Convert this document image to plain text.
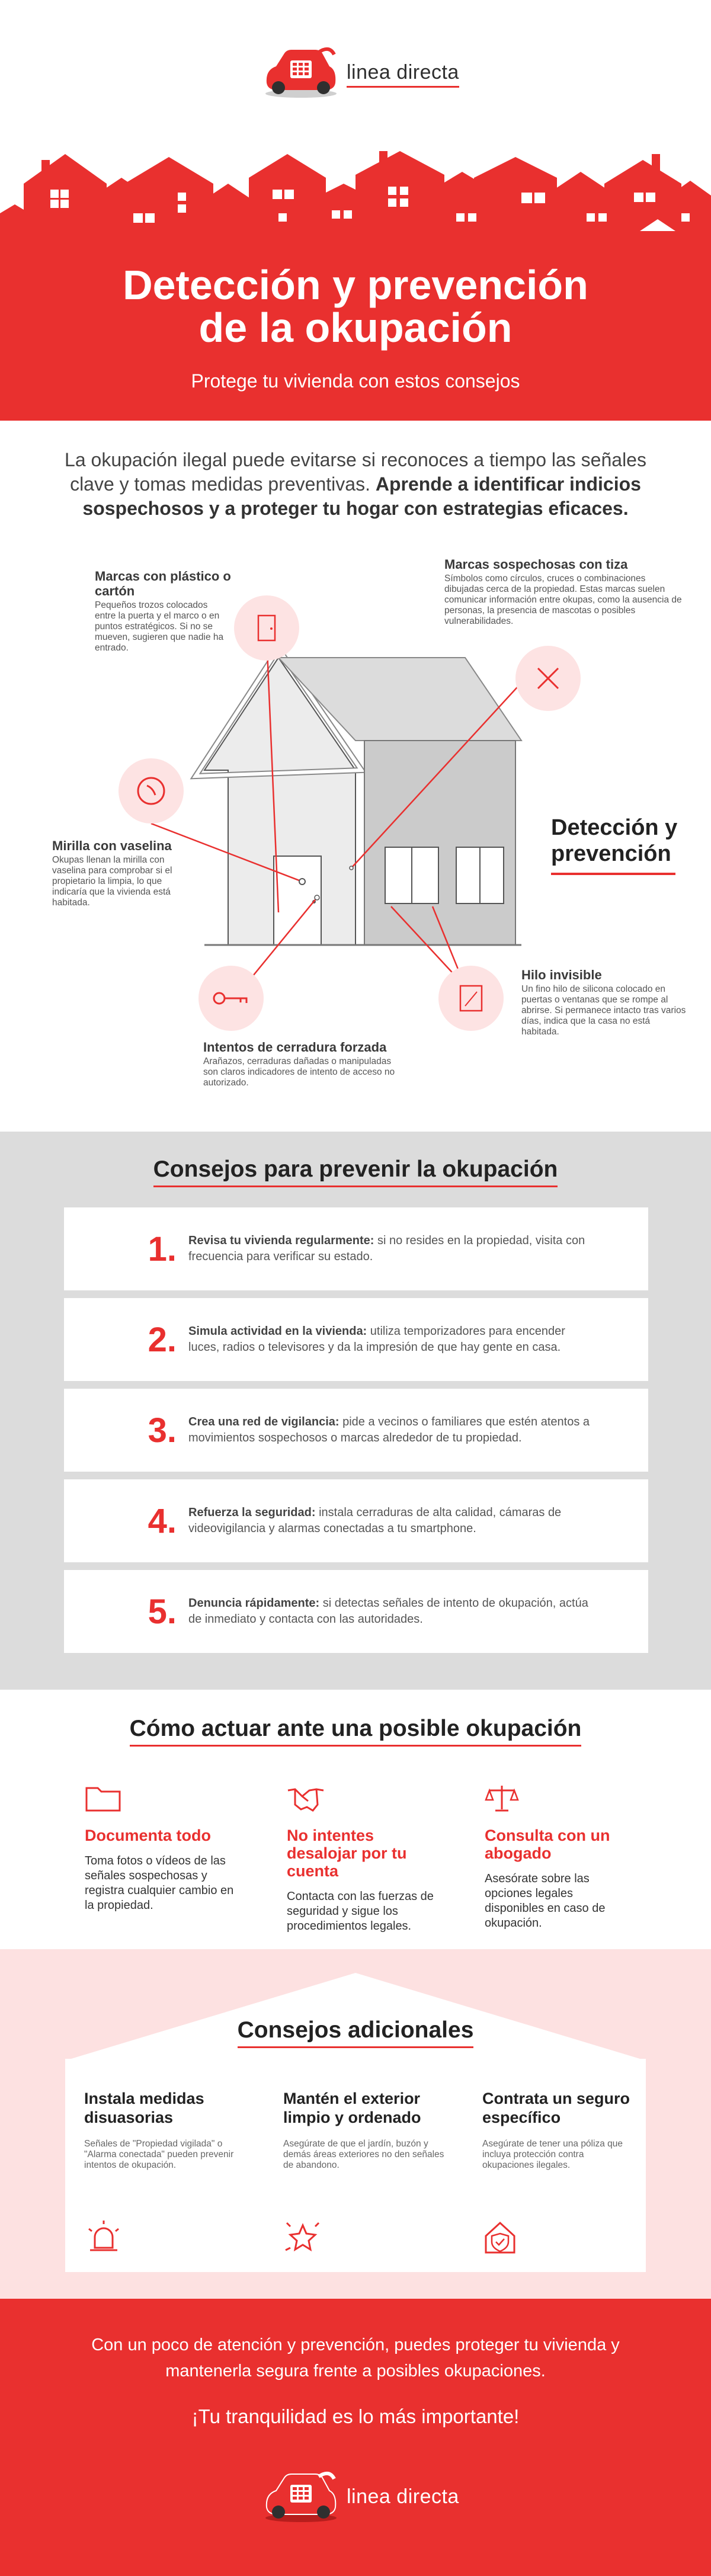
linea directa
Detección y prevención
de la okupación
Protege tu vivienda con estos consejos
La okupación ilegal puede evitarse si reconoces a tiempo las señales clave y tomas medidas preventivas. Aprende a identificar indicios sospechosos y a proteger tu hogar con estrategias eficaces.
Marcas con plástico o cartón
Pequeños trozos colocados entre la puerta y el marco o en puntos estratégicos. Si no se mueven, sugieren que nadie ha entrado.
Marcas sospechosas con tiza
Símbolos como círculos, cruces o combinaciones dibujadas cerca de la propiedad. Estas marcas suelen comunicar información entre okupas, como la ausencia de personas, la presencia de mascotas o posibles vulnerabilidades.
Mirilla con vaselina
Okupas llenan la mirilla con vaselina para comprobar si el propietario la limpia, lo que indicaría que la vivienda está habitada.
Hilo invisible
Un fino hilo de silicona colocado en puertas o ventanas que se rompe al abrirse. Si permanece intacto tras varios días, indica que la casa no está habitada.
Intentos de cerradura forzada
Arañazos, cerraduras dañadas o manipuladas son claros indicadores de intento de acceso no autorizado.
Detección y prevención
Consejos para prevenir la okupación
1.	Revisa tu vivienda regularmente: si no resides en la propiedad, visita con frecuencia para verificar su estado.
2.	Simula actividad en la vivienda: utiliza temporizadores para encender luces, radios o televisores y da la impresión de que hay gente en casa.
3.	Crea una red de vigilancia: pide a vecinos o familiares que estén atentos a movimientos sospechosos o marcas alrededor de tu propiedad.
4.	Refuerza la seguridad: instala cerraduras de alta calidad, cámaras de videovigilancia y alarmas conectadas a tu smartphone.
5.	Denuncia rápidamente: si detectas señales de intento de okupación, actúa de inmediato y contacta con las autoridades.
Cómo actuar ante una posible okupación
Documenta todo
Toma fotos o vídeos de las señales sospechosas y registra cualquier cambio en la propiedad.
No intentes desalojar por tu cuenta
Contacta con las fuerzas de seguridad y sigue los procedimientos legales.
Consulta con un abogado
Asesórate sobre las opciones legales disponibles en caso de okupación.
Consejos adicionales
Instala medidas disuasorias
Señales de "Propiedad vigilada" o "Alarma conectada" pueden prevenir intentos de okupación.
Mantén el exterior limpio y ordenado
Asegúrate de que el jardín, buzón y demás áreas exteriores no den señales de abandono.
Contrata un seguro específico
Asegúrate de tener una póliza que incluya protección contra okupaciones ilegales.
Con un poco de atención y prevención, puedes proteger tu vivienda y mantenerla segura frente a posibles okupaciones.
¡Tu tranquilidad es lo más importante!
linea directa
